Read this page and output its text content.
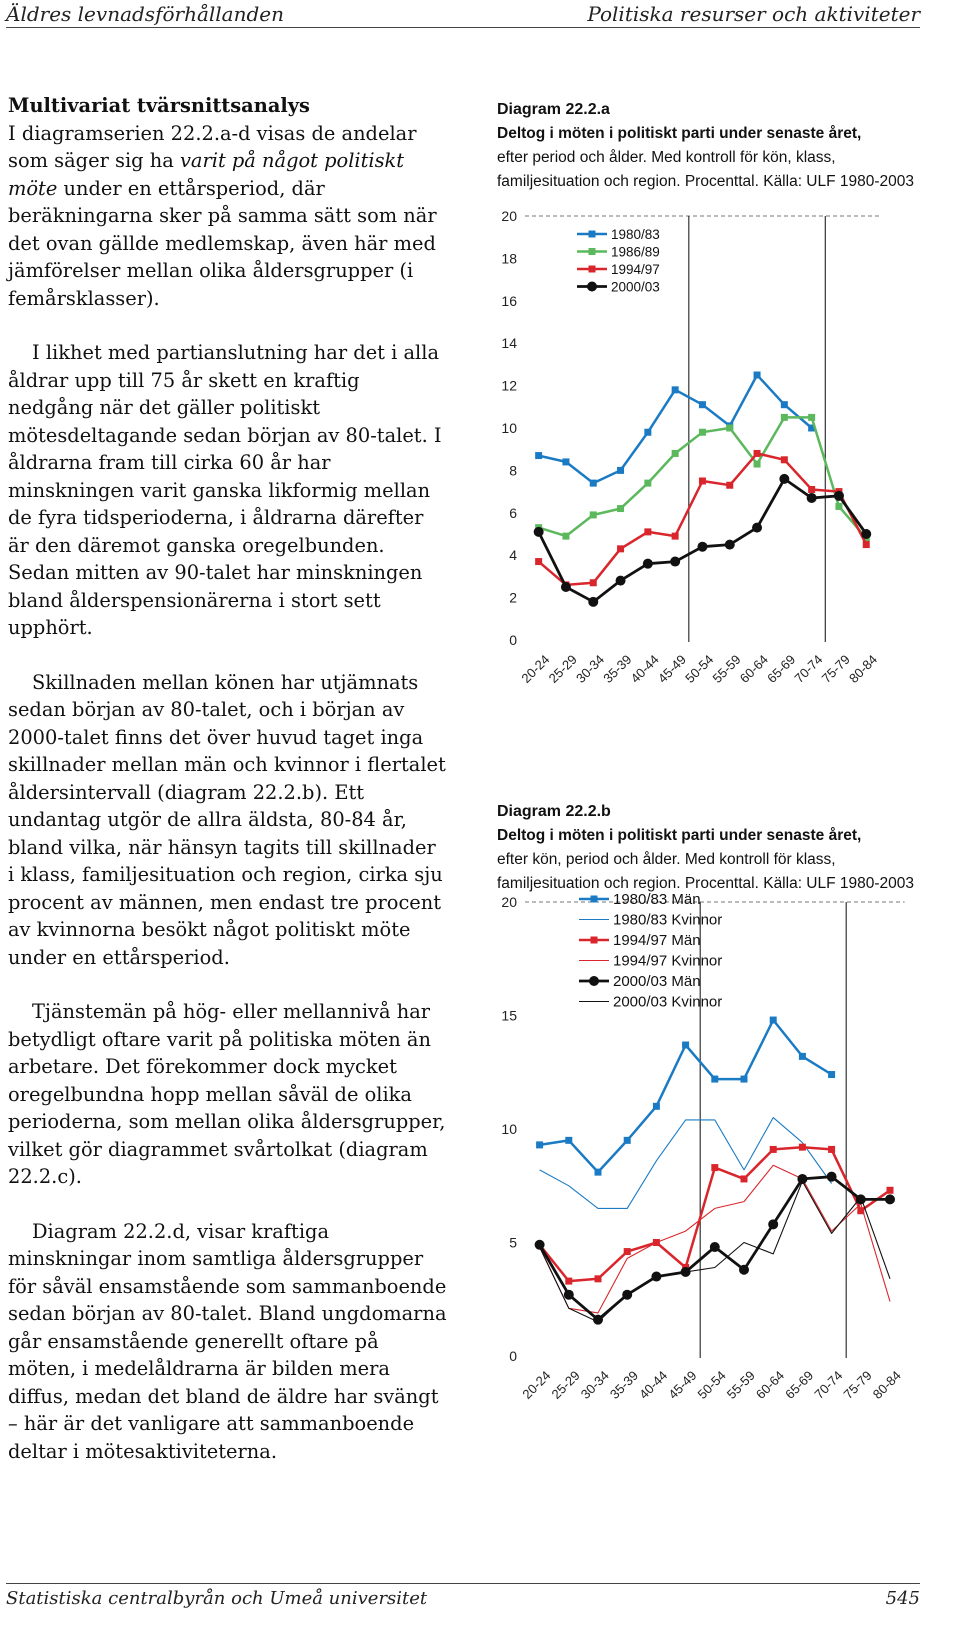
Äldres levnadsförhållanden	Politiska resurser och aktiviteter
Multivariat tvärsnittsanalys

I diagramserien 22.2.a-d visas de andelar som säger sig ha varit på något politiskt möte under en ettårsperiod, där beräkningarna sker på samma sätt som när det ovan gällde medlemskap, även här med jämförelser mellan olika åldersgrupper (i femårsklasser).

I likhet med partianslutning har det i alla åldrar upp till 75 år skett en kraftig nedgång när det gäller politiskt mötesdeltagande sedan början av 80-talet. I åldrarna fram till cirka 60 år har minskningen varit ganska likformig mellan de fyra tidsperioderna, i åldrarna därefter är den däremot ganska oregelbunden. Sedan mitten av 90-talet har minskningen bland ålderspensionärerna i stort sett upphört.

Skillnaden mellan könen har utjämnats sedan början av 80-talet, och i början av 2000-talet finns det över huvud taget inga skillnader mellan män och kvinnor i flertalet åldersintervall (diagram 22.2.b). Ett undantag utgör de allra äldsta, 80-84 år, bland vilka, när hänsyn tagits till skillnader i klass, familjesituation och region, cirka sju procent av männen, men endast tre procent av kvinnorna besökt något politiskt möte under en ettårsperiod.

Tjänstemän på hög- eller mellannivå har betydligt oftare varit på politiska möten än arbetare. Det förekommer dock mycket oregelbundna hopp mellan såväl de olika perioderna, som mellan olika åldersgrupper, vilket gör diagrammet svårtolkat (diagram 22.2.c).

Diagram 22.2.d, visar kraftiga minskningar inom samtliga åldersgrupper för såväl ensamstående som sammanboende sedan början av 80-talet. Bland ungdomarna går ensamstående generellt oftare på möten, i medelåldrarna är bilden mera diffus, medan det bland de äldre har svängt – här är det vanligare att sammanboende deltar i mötesaktiviteterna.

Diagram 22.2.a
Deltog i möten i politiskt parti under senaste året,
efter period och ålder. Med kontroll för kön, klass, familjesituation och region. Procenttal. Källa: ULF 1980-2003
0
2
4
6
8
10
12
14
16
18
20
20-24
25-29
30-34
35-39
40-44
45-49
50-54
55-59
60-64
65-69
70-74
75-79
80-84
1980/83
1986/89
1994/97
2000/03
Diagram 22.2.b
Deltog i möten i politiskt parti under senaste året,
efter kön, period och ålder. Med kontroll för klass, familjesituation och region. Procenttal. Källa: ULF 1980-2003
0
5
10
15
20
20-24
25-29
30-34
35-39
40-44
45-49
50-54
55-59
60-64
65-69
70-74
75-79
80-84
1980/83 Män
1980/83 Kvinnor
1994/97 Män
1994/97 Kvinnor
2000/03 Män
2000/03 Kvinnor
Statistiska centralbyrån och Umeå universitet	545
